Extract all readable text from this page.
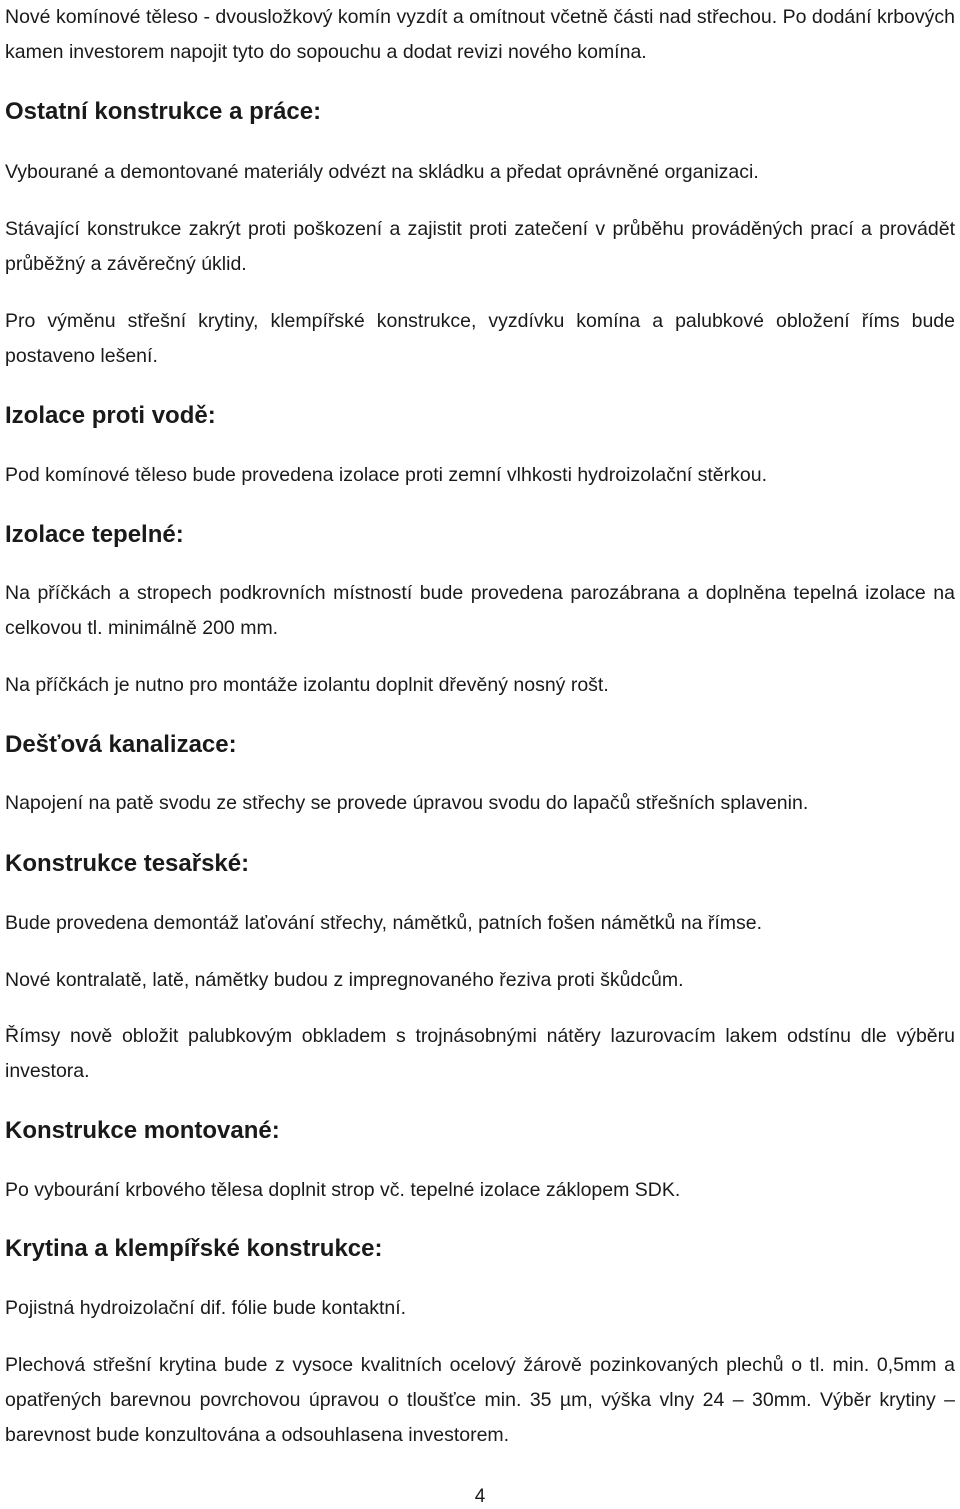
Nové komínové těleso - dvousložkový komín vyzdít a omítnout včetně části nad střechou. Po dodání krbových kamen investorem napojit tyto do sopouchu a dodat revizi nového komína.

Ostatní konstrukce a práce:

Vybourané a demontované materiály odvézt na skládku a předat oprávněné organizaci.

Stávající konstrukce zakrýt proti poškození a zajistit proti zatečení v průběhu prováděných prací a provádět průběžný a závěrečný úklid.

Pro výměnu střešní krytiny, klempířské konstrukce, vyzdívku komína a palubkové obložení říms bude postaveno lešení.

Izolace proti vodě:

Pod komínové těleso bude provedena izolace proti zemní vlhkosti hydroizolační stěrkou.

Izolace tepelné:

Na příčkách a stropech podkrovních místností bude provedena parozábrana a doplněna tepelná izolace na celkovou tl. minimálně 200 mm.

Na příčkách je nutno pro montáže izolantu doplnit dřevěný nosný rošt.

Dešťová kanalizace:

Napojení na patě svodu ze střechy se provede úpravou svodu do lapačů střešních splavenin.

Konstrukce tesařské:

Bude provedena demontáž laťování střechy, námětků, patních fošen námětků na římse.

Nové kontralatě, latě, námětky budou z impregnovaného řeziva proti škůdcům.

Římsy nově obložit palubkovým obkladem s trojnásobnými nátěry lazurovacím lakem odstínu dle výběru investora.

Konstrukce montované:

Po vybourání krbového tělesa doplnit strop vč. tepelné izolace záklopem SDK.

Krytina a klempířské konstrukce:

Pojistná hydroizolační dif. fólie bude kontaktní.

Plechová střešní krytina bude z vysoce kvalitních ocelový žárově pozinkovaných plechů o tl. min. 0,5mm a opatřených barevnou povrchovou úpravou o tloušťce min. 35 µm, výška vlny 24 – 30mm. Výběr krytiny – barevnost bude konzultována a odsouhlasena investorem.

4
